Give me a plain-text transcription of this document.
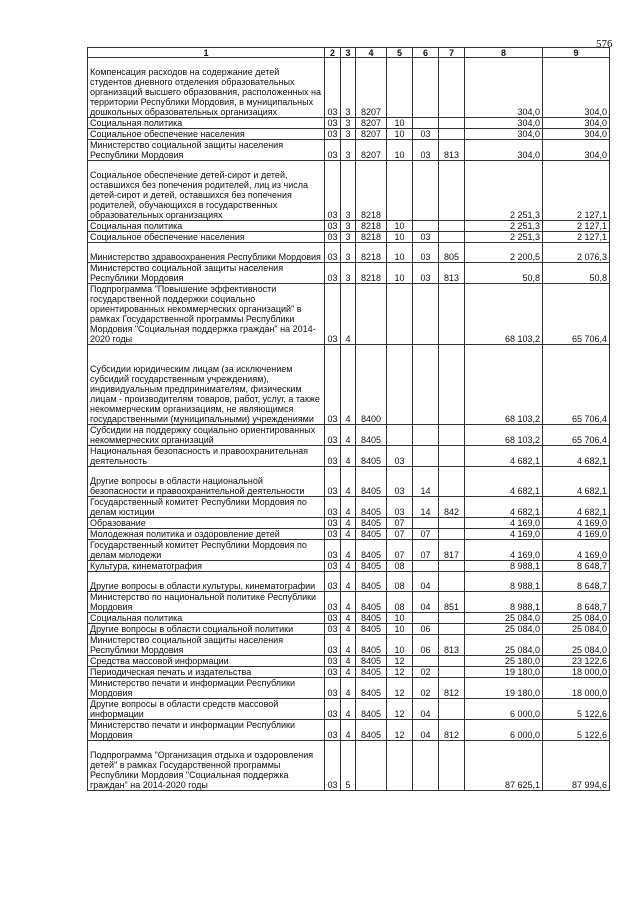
576
1	2	3	4	5	6	7	8	9
Компенсация расходов на содержание детей студентов дневного отделения образовательных организаций высшего образования, расположенных на территории Республики Мордовия, в муниципальных дошкольных образовательных организациях	03	3	8207				304,0	304,0
Социальная политика	03	3	8207	10			304,0	304,0
Социальное обеспечение населения	03	3	8207	10	03		304,0	304,0
Министерство социальной защиты населения Республики Мордовия	03	3	8207	10	03	813	304,0	304,0
Социальное обеспечение детей-сирот и детей, оставшихся без попечения родителей, лиц из числа детей-сирот и детей, оставшихся без попечения родителей, обучающихся в государственных образовательных организациях	03	3	8218				2 251,3	2 127,1
Социальная политика	03	3	8218	10			2 251,3	2 127,1
Социальное обеспечение населения	03	3	8218	10	03		2 251,3	2 127,1
Министерство здравоохранения Республики Мордовия	03	3	8218	10	03	805	2 200,5	2 076,3
Министерство социальной защиты населения Республики Мордовия	03	3	8218	10	03	813	50,8	50,8
Подпрограмма "Повышение эффективности государственной поддержки социально ориентированных некоммерческих организаций" в рамках Государственной программы Республики Мордовия "Социальная поддержка граждан" на 2014-2020 годы	03	4					68 103,2	65 706,4
Субсидии юридическим лицам (за исключением субсидий государственным учреждениям), индивидуальным предпринимателям, физическим лицам - производителям товаров, работ, услуг, а также некоммерческим организациям, не являющимся государственными (муниципальными) учреждениями	03	4	8400				68 103,2	65 706,4
Субсидии на поддержку социально ориентированных некоммерческих организаций	03	4	8405				68 103,2	65 706,4
Национальная безопасность и правоохранительная деятельность	03	4	8405	03			4 682,1	4 682,1
Другие вопросы в области национальной безопасности и правоохранительной деятельности	03	4	8405	03	14		4 682,1	4 682,1
Государственный комитет Республики Мордовия по делам юстиции	03	4	8405	03	14	842	4 682,1	4 682,1
Образование	03	4	8405	07			4 169,0	4 169,0
Молодежная политика и оздоровление детей	03	4	8405	07	07		4 169,0	4 169,0
Государственный комитет Республики Мордовия по делам молодежи	03	4	8405	07	07	817	4 169,0	4 169,0
Культура, кинематография	03	4	8405	08			8 988,1	8 648,7
Другие вопросы в области культуры, кинематографии	03	4	8405	08	04		8 988,1	8 648,7
Министерство по национальной политике Республики Мордовия	03	4	8405	08	04	851	8 988,1	8 648,7
Социальная политика	03	4	8405	10			25 084,0	25 084,0
Другие вопросы в области социальной политики	03	4	8405	10	06		25 084,0	25 084,0
Министерство социальной защиты населения Республики Мордовия	03	4	8405	10	06	813	25 084,0	25 084,0
Средства массовой информации	03	4	8405	12			25 180,0	23 122,6
Периодическая печать и издательства	03	4	8405	12	02		19 180,0	18 000,0
Министерство печати и информации Республики Мордовия	03	4	8405	12	02	812	19 180,0	18 000,0
Другие вопросы в области средств массовой информации	03	4	8405	12	04		6 000,0	5 122,6
Министерство печати и информации Республики Мордовия	03	4	8405	12	04	812	6 000,0	5 122,6
Подпрограмма "Организация отдыха и оздоровления детей" в рамках Государственной программы Республики Мордовия "Социальная поддержка граждан" на 2014-2020 годы	03	5					87 625,1	87 994,6
